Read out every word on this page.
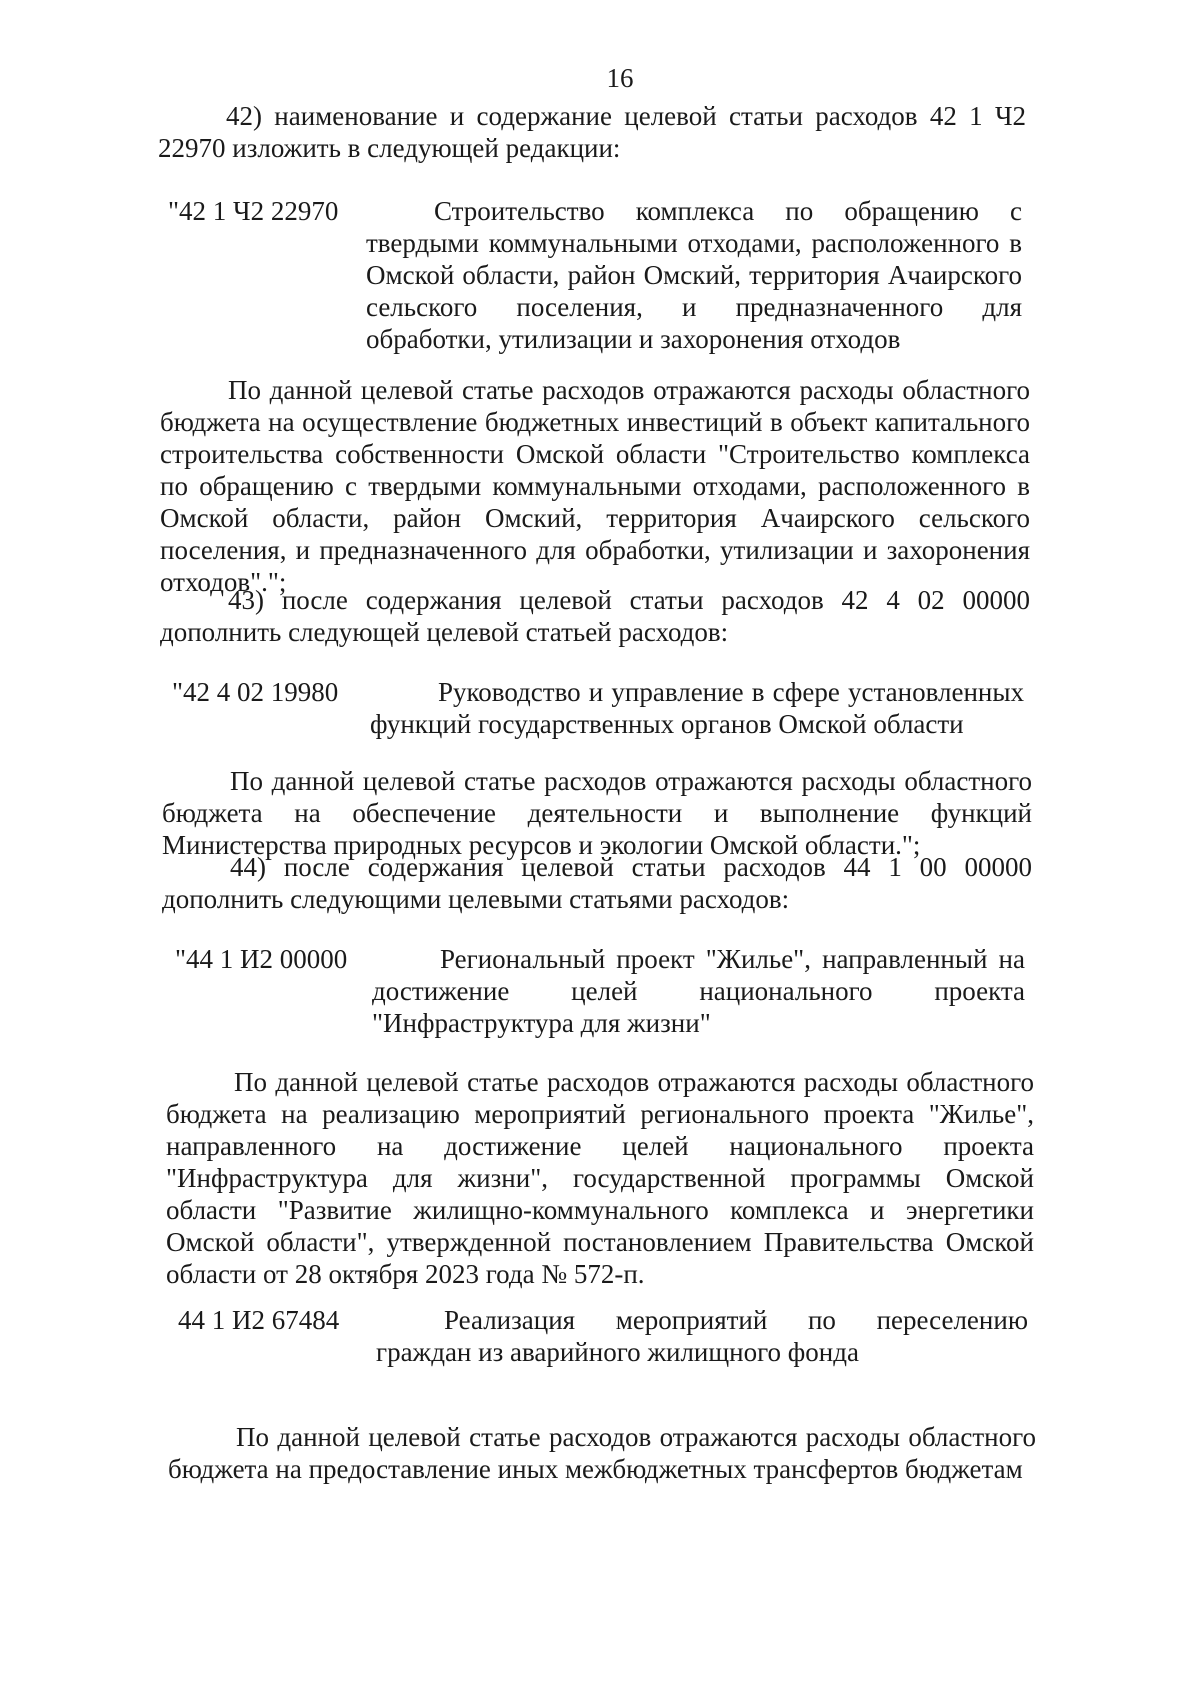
16
42) наименование и содержание целевой статьи расходов 42 1 Ч2 22970 изложить в следующей редакции:
"42 1 Ч2 22970	Строительство комплекса по обращению с твердыми коммунальными отходами, расположенного в Омской области, район Омский, территория Ачаирского сельского поселения, и предназначенного для обработки, утилизации и захоронения отходов
По данной целевой статье расходов отражаются расходы областного бюджета на осуществление бюджетных инвестиций в объект капитального строительства собственности Омской области "Строительство комплекса по обращению с твердыми коммунальными отходами, расположенного в Омской области, район Омский, территория Ачаирского сельского поселения, и предназначенного для обработки, утилизации и захоронения отходов".";
43) после содержания целевой статьи расходов 42 4 02 00000 дополнить следующей целевой статьей расходов:
"42 4 02 19980	Руководство и управление в сфере установленных функций государственных органов Омской области
По данной целевой статье расходов отражаются расходы областного бюджета на обеспечение деятельности и выполнение функций Министерства природных ресурсов и экологии Омской области.";
44) после содержания целевой статьи расходов 44 1 00 00000 дополнить следующими целевыми статьями расходов:
"44 1 И2 00000	Региональный проект "Жилье", направленный на достижение целей национального проекта "Инфраструктура для жизни"
По данной целевой статье расходов отражаются расходы областного бюджета на реализацию мероприятий регионального проекта "Жилье", направленного на достижение целей национального проекта "Инфраструктура для жизни", государственной программы Омской области "Развитие жилищно-коммунального комплекса и энергетики Омской области", утвержденной постановлением Правительства Омской области от 28 октября 2023 года № 572-п.
44 1 И2 67484	Реализация мероприятий по переселению граждан из аварийного жилищного фонда
По данной целевой статье расходов отражаются расходы областного бюджета на предоставление иных межбюджетных трансфертов бюджетам
